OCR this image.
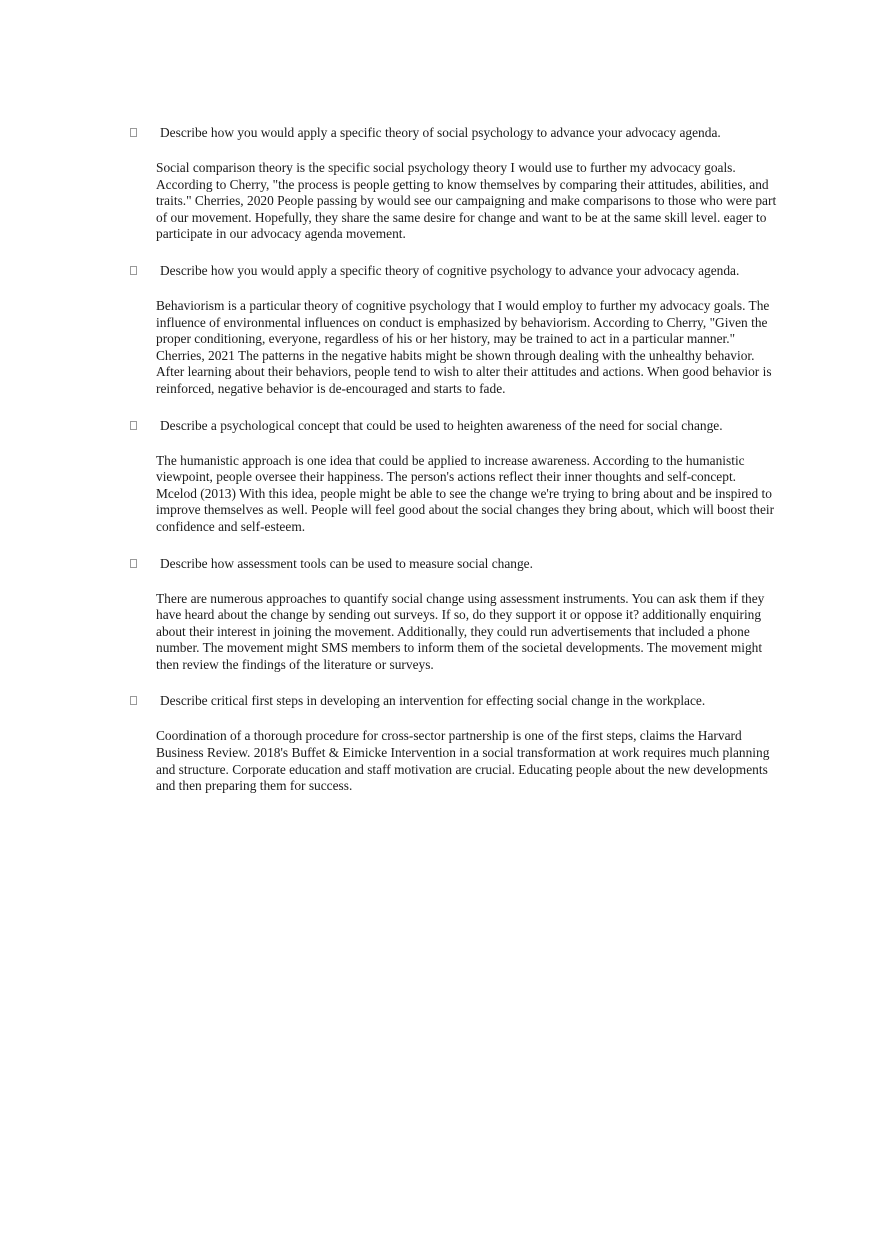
Describe how you would apply a specific theory of social psychology to advance your advocacy agenda.

Social comparison theory is the specific social psychology theory I would use to further my advocacy goals. According to Cherry, "the process is people getting to know themselves by comparing their attitudes, abilities, and traits." Cherries, 2020 People passing by would see our campaigning and make comparisons to those who were part of our movement. Hopefully, they share the same desire for change and want to be at the same skill level. eager to participate in our advocacy agenda movement.

Describe how you would apply a specific theory of cognitive psychology to advance your advocacy agenda.

Behaviorism is a particular theory of cognitive psychology that I would employ to further my advocacy goals. The influence of environmental influences on conduct is emphasized by behaviorism. According to Cherry, "Given the proper conditioning, everyone, regardless of his or her history, may be trained to act in a particular manner." Cherries, 2021 The patterns in the negative habits might be shown through dealing with the unhealthy behavior. After learning about their behaviors, people tend to wish to alter their attitudes and actions. When good behavior is reinforced, negative behavior is de-encouraged and starts to fade.

Describe a psychological concept that could be used to heighten awareness of the need for social change.

The humanistic approach is one idea that could be applied to increase awareness. According to the humanistic viewpoint, people oversee their happiness. The person's actions reflect their inner thoughts and self-concept. Mcelod (2013) With this idea, people might be able to see the change we're trying to bring about and be inspired to improve themselves as well. People will feel good about the social changes they bring about, which will boost their confidence and self-esteem.

Describe how assessment tools can be used to measure social change.

There are numerous approaches to quantify social change using assessment instruments. You can ask them if they have heard about the change by sending out surveys. If so, do they support it or oppose it? additionally enquiring about their interest in joining the movement. Additionally, they could run advertisements that included a phone number. The movement might SMS members to inform them of the societal developments. The movement might then review the findings of the literature or surveys.

Describe critical first steps in developing an intervention for effecting social change in the workplace.

Coordination of a thorough procedure for cross-sector partnership is one of the first steps, claims the Harvard Business Review. 2018's Buffet & Eimicke Intervention in a social transformation at work requires much planning and structure. Corporate education and staff motivation are crucial. Educating people about the new developments and then preparing them for success.
